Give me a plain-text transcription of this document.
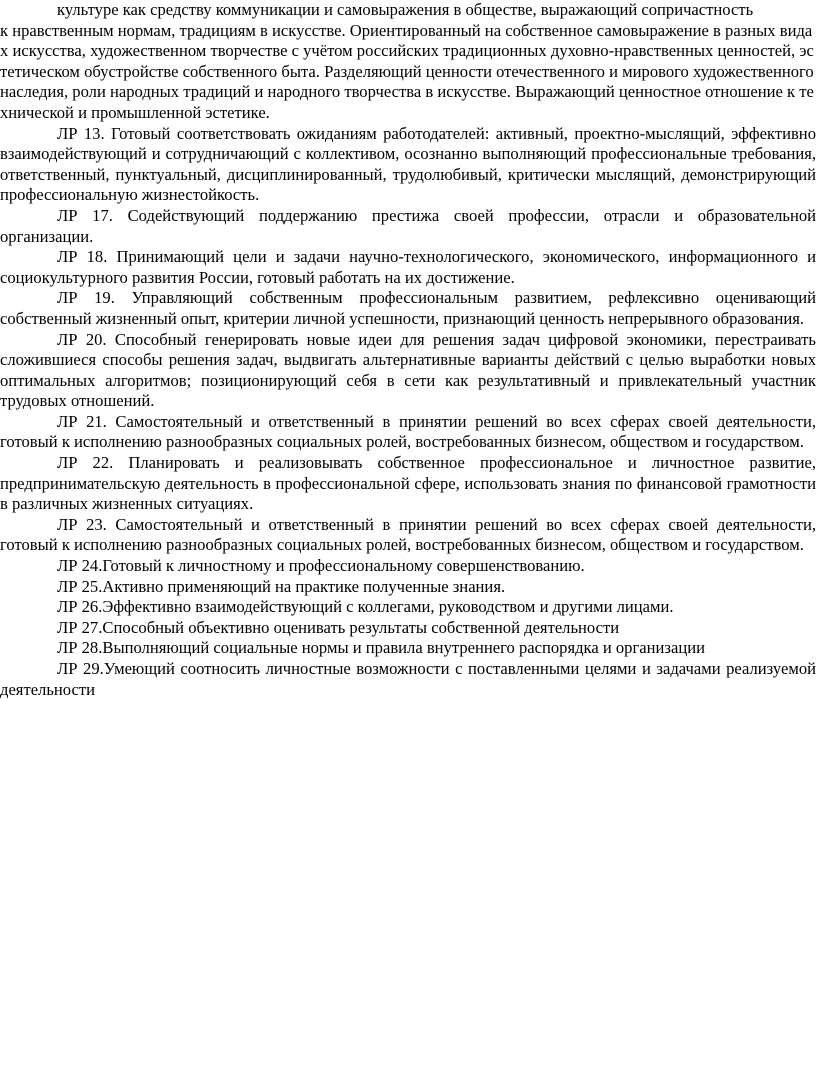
культуре как средству коммуникации и самовыражения в обществе, выражающий сопричастность

к нравственным нормам, традициям в искусстве. Ориентированный на собственное самовыражение в разных видах искусства, художественном творчестве с учётом российских традиционных духовно-нравственных ценностей, эстетическом обустройстве собственного быта. Разделяющий ценности отечественного и мирового художественного наследия, роли народных традиций и народного творчества в искусстве. Выражающий ценностное отношение к технической и промышленной эстетике.

ЛР 13. Готовый соответствовать ожиданиям работодателей: активный, проектно-мыслящий, эффективно взаимодействующий и сотрудничающий с коллективом, осознанно выполняющий профессиональные требования, ответственный, пунктуальный, дисциплинированный, трудолюбивый, критически мыслящий, демонстрирующий профессиональную жизнестойкость.

ЛР 17. Содействующий поддержанию престижа своей профессии, отрасли и образовательной организации.

ЛР 18. Принимающий цели и задачи научно-технологического, экономического, информационного и социокультурного развития России, готовый работать на их достижение.

ЛР 19. Управляющий собственным профессиональным развитием, рефлексивно оценивающий собственный жизненный опыт, критерии личной успешности, признающий ценность непрерывного образования.

ЛР 20. Способный генерировать новые идеи для решения задач цифровой экономики, перестраивать сложившиеся способы решения задач, выдвигать альтернативные варианты действий с целью выработки новых оптимальных алгоритмов; позиционирующий себя в сети как результативный и привлекательный участник трудовых отношений.

ЛР 21. Самостоятельный и ответственный в принятии решений во всех сферах своей деятельности, готовый к исполнению разнообразных социальных ролей, востребованных бизнесом, обществом и государством.

ЛР 22. Планировать и реализовывать собственное профессиональное и личностное развитие, предпринимательскую деятельность в профессиональной сфере, использовать знания по финансовой грамотности в различных жизненных ситуациях.

ЛР 23. Самостоятельный и ответственный в принятии решений во всех сферах своей деятельности, готовый к исполнению разнообразных социальных ролей, востребованных бизнесом, обществом и государством.

ЛР 24.Готовый к личностному и профессиональному совершенствованию.

ЛР 25.Активно применяющий на практике полученные знания.

ЛР 26.Эффективно взаимодействующий с коллегами, руководством и другими лицами.

ЛР 27.Способный объективно оценивать результаты собственной деятельности

ЛР 28.Выполняющий социальные нормы и правила внутреннего распорядка и организации

ЛР 29.Умеющий соотносить личностные возможности с поставленными целями и задачами реализуемой деятельности
